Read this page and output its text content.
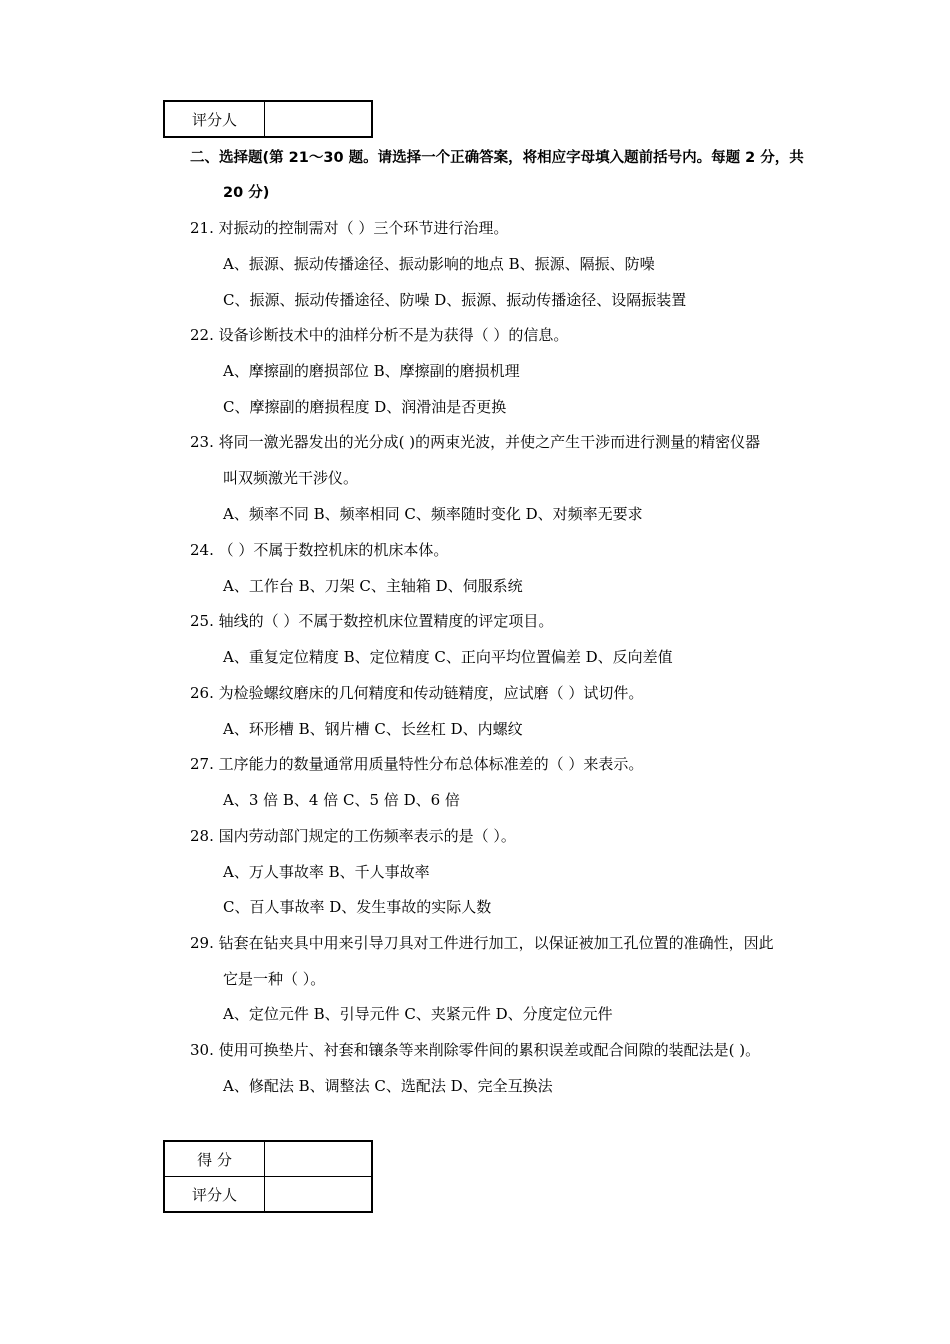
评分人	
二、选择题(第 21～30 题。请选择一个正确答案，将相应字母填入题前括号内。每题 2 分，共
20 分)
21. 对振动的控制需对（ ）三个环节进行治理。
A、振源、振动传播途径、振动影响的地点 B、振源、隔振、防噪
C、振源、振动传播途径、防噪 D、振源、振动传播途径、设隔振装置
22. 设备诊断技术中的油样分析不是为获得（ ）的信息。
A、摩擦副的磨损部位 B、摩擦副的磨损机理
C、摩擦副的磨损程度 D、润滑油是否更换
23. 将同一激光器发出的光分成( )的两束光波，并使之产生干涉而进行测量的精密仪器
叫双频激光干涉仪。
A、频率不同 B、频率相同 C、频率随时变化 D、对频率无要求
24. （ ）不属于数控机床的机床本体。
A、工作台 B、刀架 C、主轴箱 D、伺服系统
25. 轴线的（ ）不属于数控机床位置精度的评定项目。
A、重复定位精度 B、定位精度 C、正向平均位置偏差 D、反向差值
26. 为检验螺纹磨床的几何精度和传动链精度，应试磨（ ）试切件。
A、环形槽 B、钢片槽 C、长丝杠 D、内螺纹
27. 工序能力的数量通常用质量特性分布总体标准差的（ ）来表示。
A、3 倍 B、4 倍 C、5 倍 D、6 倍
28. 国内劳动部门规定的工伤频率表示的是（ ）。
A、万人事故率 B、千人事故率
C、百人事故率 D、发生事故的实际人数
29. 钻套在钻夹具中用来引导刀具对工件进行加工，以保证被加工孔位置的准确性，因此
它是一种（ ）。
A、定位元件 B、引导元件 C、夹紧元件 D、分度定位元件
30. 使用可换垫片、衬套和镶条等来削除零件间的累积误差或配合间隙的装配法是( )。
A、修配法 B、调整法 C、选配法 D、完全互换法
得 分	
评分人	
